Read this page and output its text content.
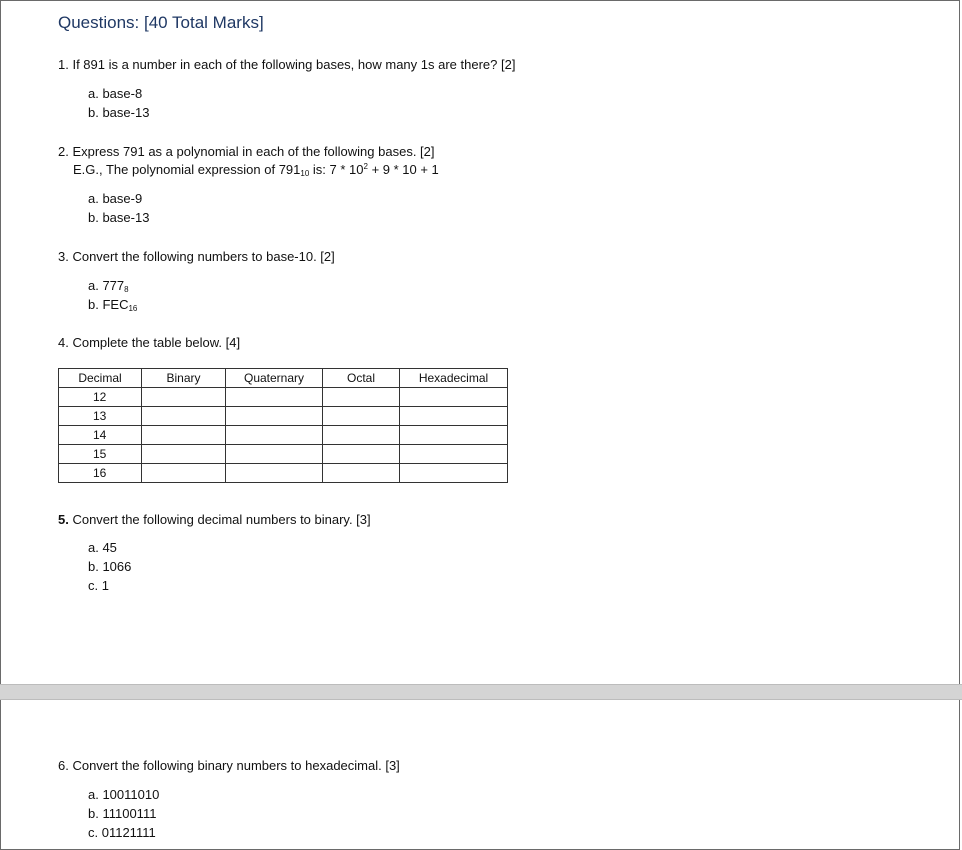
Questions: [40 Total Marks]
1. If 891 is a number in each of the following bases, how many 1s are there? [2]
a. base-8
b. base-13
2. Express 791 as a polynomial in each of the following bases. [2]
E.G., The polynomial expression of $791_{10}$ is: $7 * 10^2 + 9 * 10 + 1$
a. base-9
b. base-13
3. Convert the following numbers to base-10. [2]
a. $777_8$
b. $FEC_{16}$
4. Complete the table below. [4]
Decimal	Binary	Quaternary	Octal	Hexadecimal
12				
13				
14				
15				
16				
5. Convert the following decimal numbers to binary. [3]
a. 45
b. 1066
c. 1
6. Convert the following binary numbers to hexadecimal. [3]
a. 10011010
b. 11100111
c. 01121111
